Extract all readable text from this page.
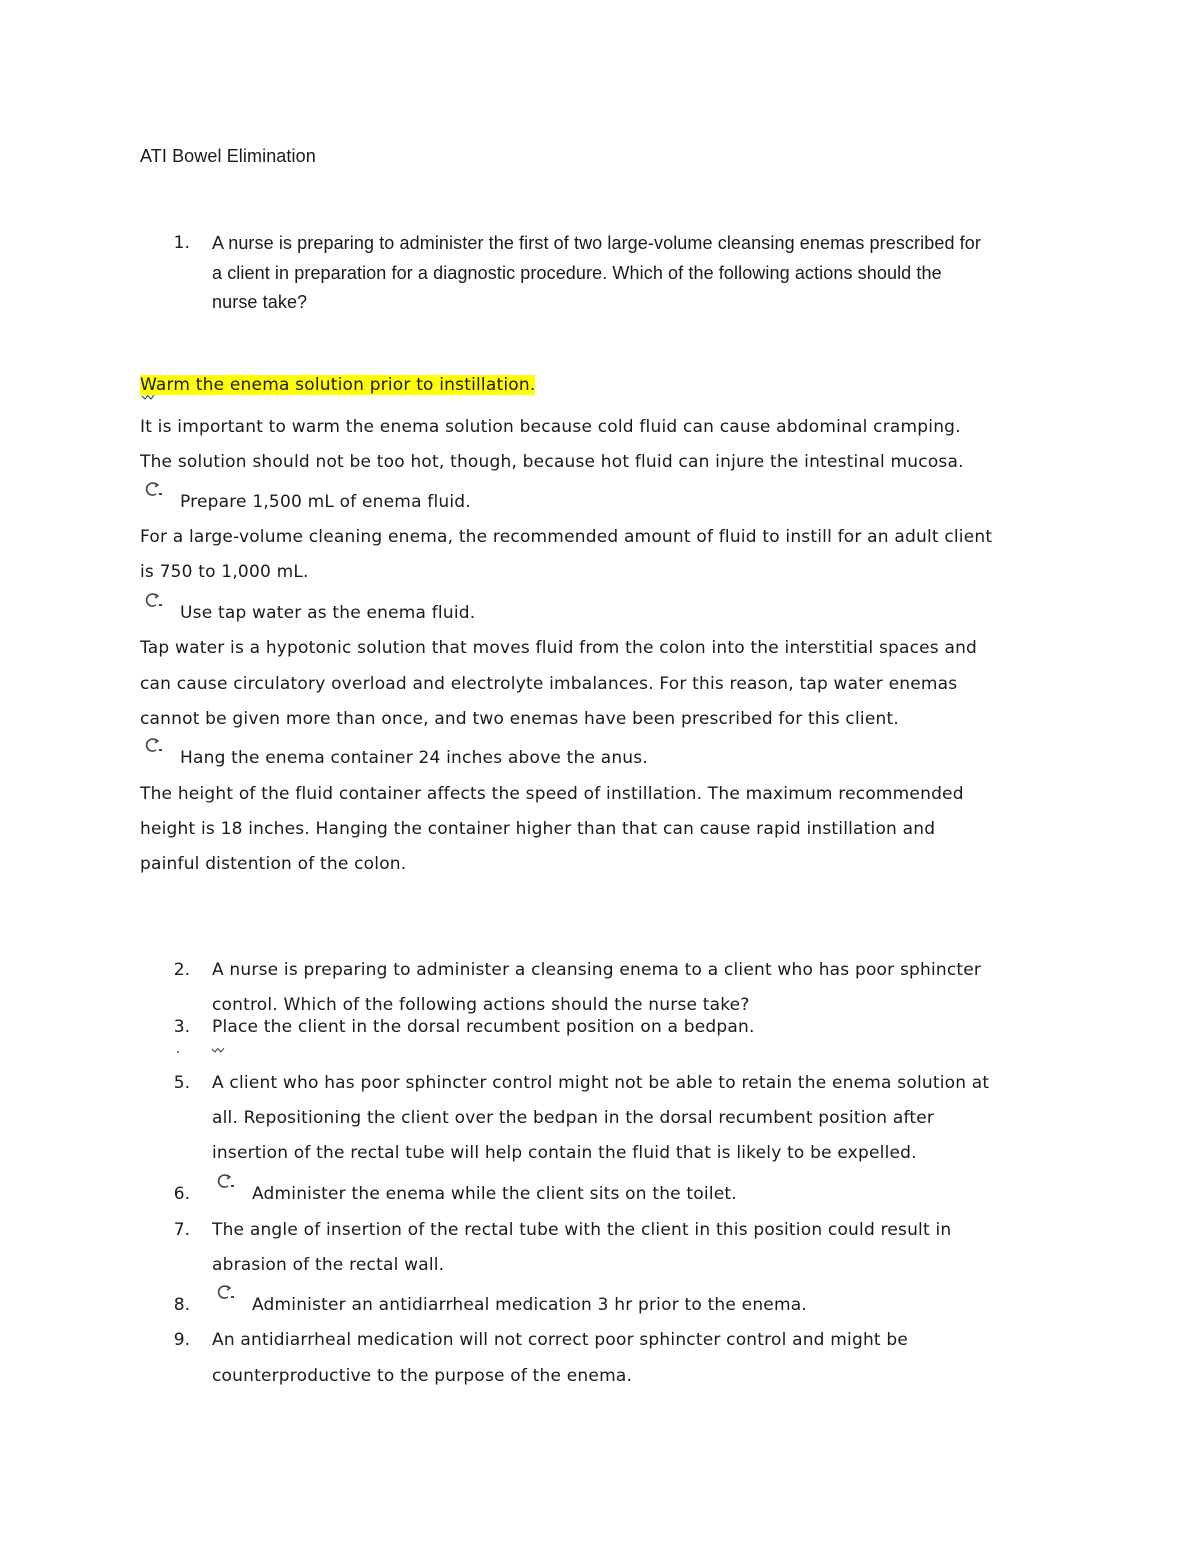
ATI Bowel Elimination
1. A nurse is preparing to administer the first of two large-volume cleansing enemas prescribed for
a client in preparation for a diagnostic procedure. Which of the following actions should the
nurse take?
Warm the enema solution prior to instillation.
It is important to warm the enema solution because cold fluid can cause abdominal cramping.
The solution should not be too hot, though, because hot fluid can injure the intestinal mucosa.
Prepare 1,500 mL of enema fluid.
For a large-volume cleaning enema, the recommended amount of fluid to instill for an adult client
is 750 to 1,000 mL.
Use tap water as the enema fluid.
Tap water is a hypotonic solution that moves fluid from the colon into the interstitial spaces and
can cause circulatory overload and electrolyte imbalances. For this reason, tap water enemas
cannot be given more than once, and two enemas have been prescribed for this client.
Hang the enema container 24 inches above the anus.
The height of the fluid container affects the speed of instillation. The maximum recommended
height is 18 inches. Hanging the container higher than that can cause rapid instillation and
painful distention of the colon.
2. A nurse is preparing to administer a cleansing enema to a client who has poor sphincter
control. Which of the following actions should the nurse take?
3. Place the client in the dorsal recumbent position on a bedpan.
5. A client who has poor sphincter control might not be able to retain the enema solution at
all. Repositioning the client over the bedpan in the dorsal recumbent position after
insertion of the rectal tube will help contain the fluid that is likely to be expelled.
6.	Administer the enema while the client sits on the toilet.
7. The angle of insertion of the rectal tube with the client in this position could result in
abrasion of the rectal wall.
8.	Administer an antidiarrheal medication 3 hr prior to the enema.
9. An antidiarrheal medication will not correct poor sphincter control and might be
counterproductive to the purpose of the enema.
